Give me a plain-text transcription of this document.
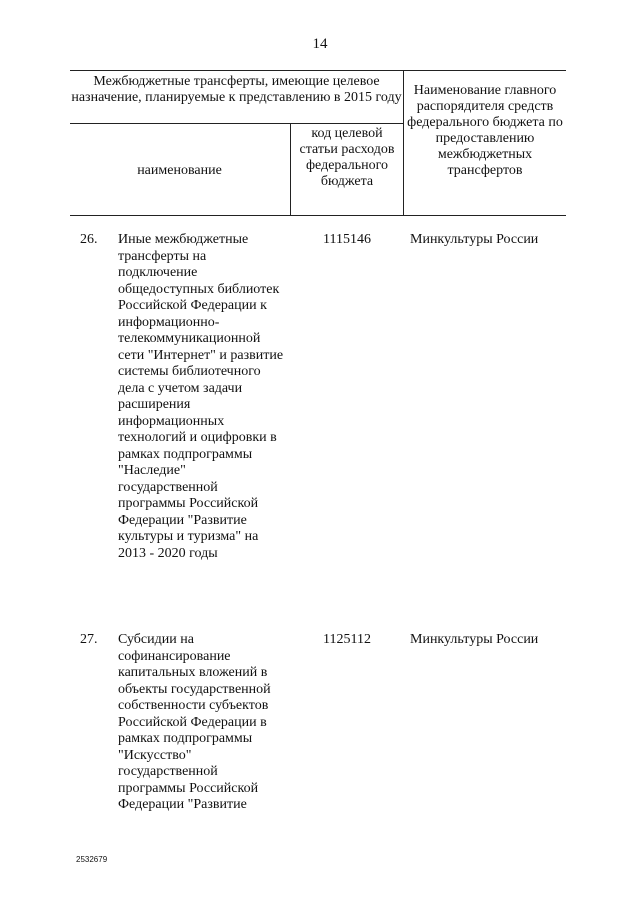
14
Межбюджетные трансферты, имеющие целевое назначение, планируемые к представлению в 2015 году
наименование
код целевой статьи расходов федерального бюджета
Наименование главного распорядителя средств федерального бюджета по предоставлению межбюджетных трансфертов
26. Иные межбюджетные трансферты на подключение общедоступных библиотек Российской Федерации к информационно-телекоммуникационной сети "Интернет" и развитие системы библиотечного дела с учетом задачи расширения информационных технологий и оцифровки в рамках подпрограммы "Наследие" государственной программы Российской Федерации "Развитие культуры и туризма" на 2013 - 2020 годы
1115146	Минкультуры России
27. Субсидии на софинансирование капитальных вложений в объекты государственной собственности субъектов Российской Федерации в рамках подпрограммы "Искусство" государственной программы Российской Федерации "Развитие
1125112	Минкультуры России
2532679
